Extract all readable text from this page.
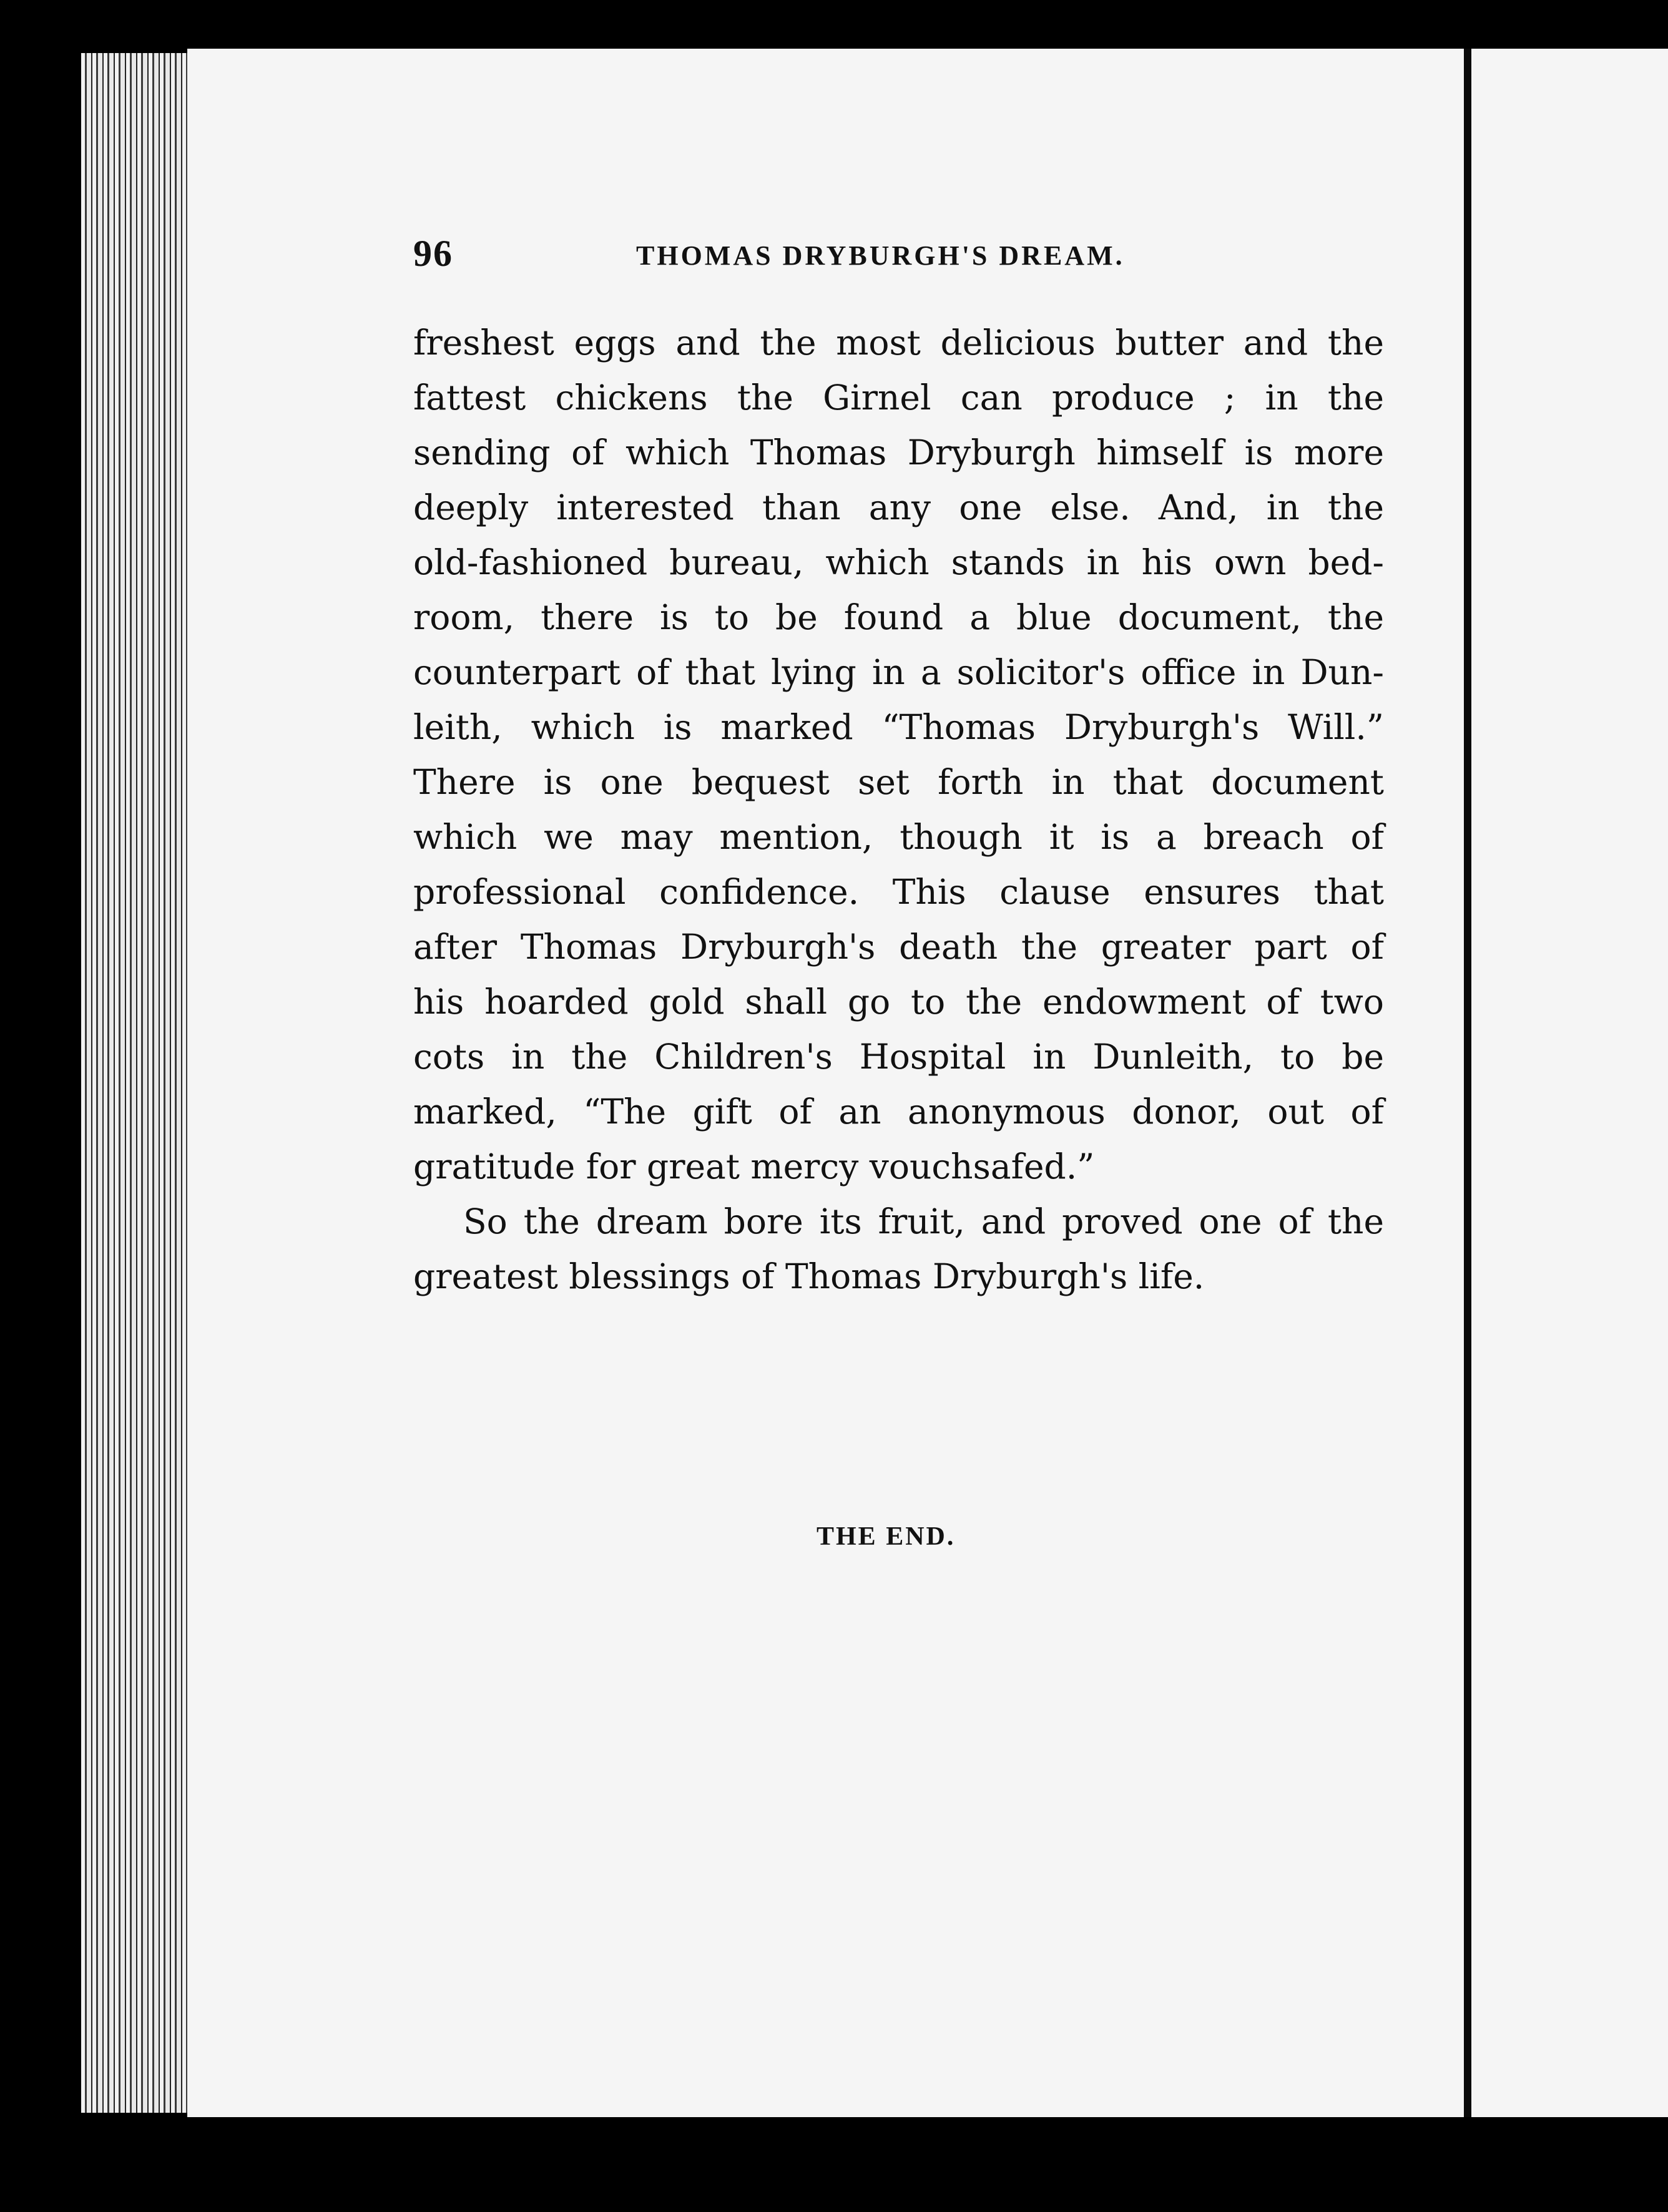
96	THOMAS DRYBURGH'S DREAM.
freshest eggs and the most delicious butter and the
fattest chickens the Girnel can produce ; in the
sending of which Thomas Dryburgh himself is more
deeply interested than any one else. And, in the
old-fashioned bureau, which stands in his own bed-
room, there is to be found a blue document, the
counterpart of that lying in a solicitor's office in Dun-
leith, which is marked “Thomas Dryburgh's Will.”
There is one bequest set forth in that document
which we may mention, though it is a breach of
professional confidence. This clause ensures that
after Thomas Dryburgh's death the greater part of
his hoarded gold shall go to the endowment of two
cots in the Children's Hospital in Dunleith, to be
marked, “The gift of an anonymous donor, out of
gratitude for great mercy vouchsafed.”
So the dream bore its fruit, and proved one of the
greatest blessings of Thomas Dryburgh's life.
THE END.
